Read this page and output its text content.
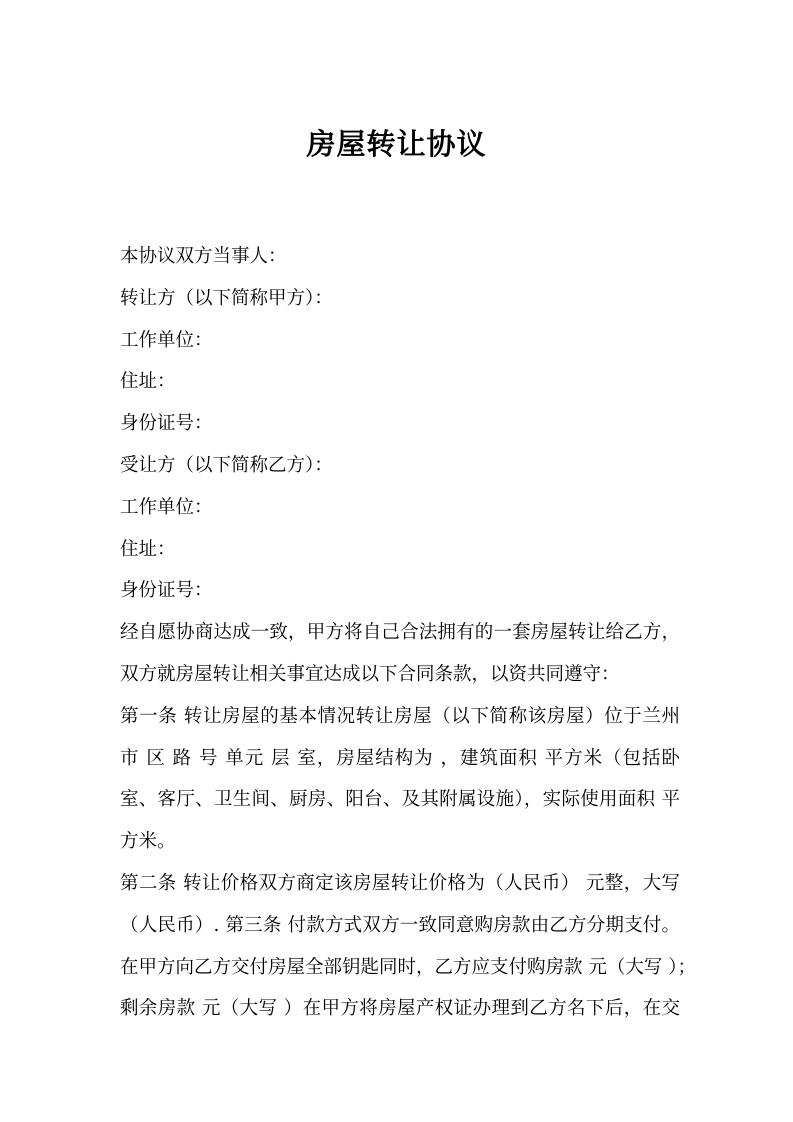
房屋转让协议
本协议双方当事人：
转让方（以下简称甲方）：
工作单位：
住址：
身份证号：
受让方（以下简称乙方）：
工作单位：
住址：
身份证号：
经自愿协商达成一致，甲方将自己合法拥有的一套房屋转让给乙方，
双方就房屋转让相关事宜达成以下合同条款，以资共同遵守：
第一条 转让房屋的基本情况转让房屋（以下简称该房屋）位于兰州
市 区 路 号 单元 层 室，房屋结构为 ，建筑面积 平方米（包括卧
室、客厅、卫生间、厨房、阳台、及其附属设施），实际使用面积 平
方米。
第二条 转让价格双方商定该房屋转让价格为（人民币） 元整，大写
（人民币）. 第三条 付款方式双方一致同意购房款由乙方分期支付。
在甲方向乙方交付房屋全部钥匙同时，乙方应支付购房款 元（大写 ）；
剩余房款 元（大写 ）在甲方将房屋产权证办理到乙方名下后，在交
